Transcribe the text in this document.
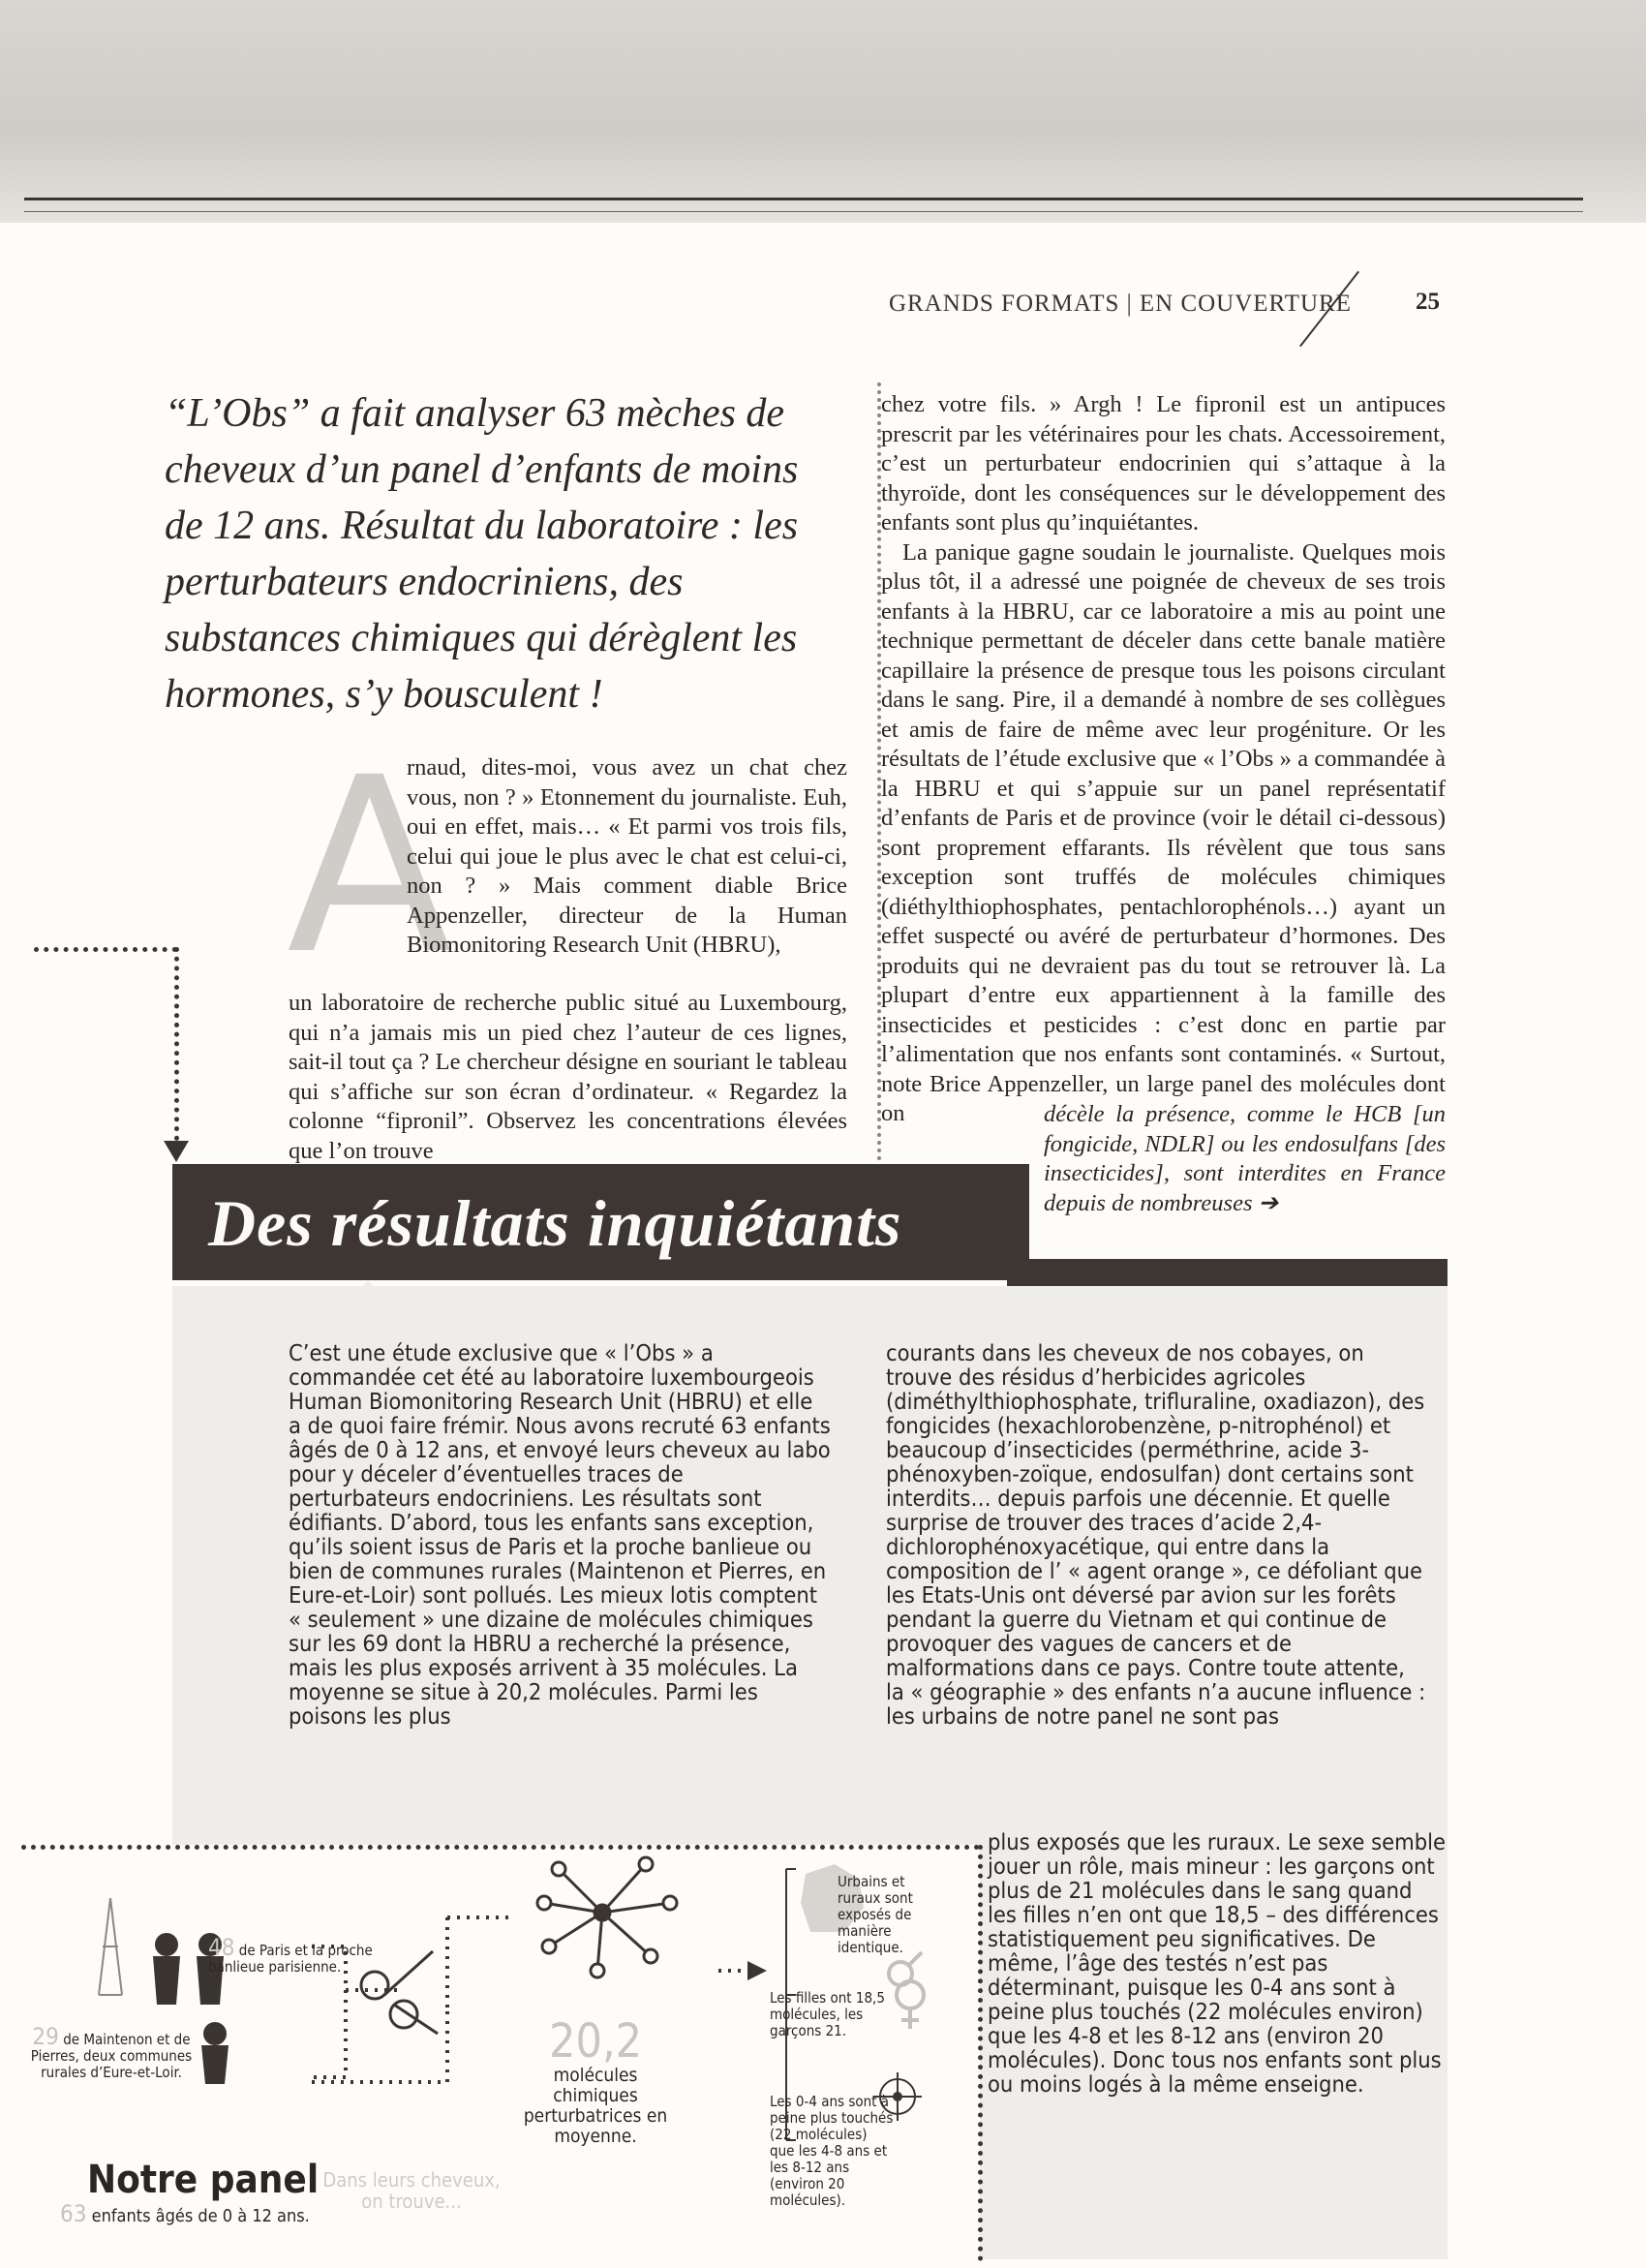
GRANDS FORMATS | EN COUVERTURE	25
“L’Obs” a fait analyser 63 mèches de cheveux d’un panel d’enfants de moins de 12 ans. Résultat du laboratoire : les perturbateurs endocriniens, des substances chimiques qui dérèglent les hormones, s’y bousculent !
A
rnaud, dites-moi, vous avez un chat chez vous, non ? » Etonnement du journaliste. Euh, oui en effet, mais… « Et parmi vos trois fils, celui qui joue le plus avec le chat est celui-ci, non ? » Mais comment diable Brice Appenzeller, directeur de la Human Biomonitoring Research Unit (HBRU),
un laboratoire de recherche public situé au Luxembourg, qui n’a jamais mis un pied chez l’auteur de ces lignes, sait-il tout ça ? Le chercheur désigne en souriant le tableau qui s’affiche sur son écran d’ordinateur. « Regardez la colonne “fipronil”. Observez les concentrations élevées que l’on trouve

chez votre fils. » Argh ! Le fipronil est un antipuces prescrit par les vétérinaires pour les chats. Accessoirement, c’est un perturbateur endocrinien qui s’attaque à la thyroïde, dont les conséquences sur le développement des enfants sont plus qu’inquiétantes.

La panique gagne soudain le journaliste. Quelques mois plus tôt, il a adressé une poignée de cheveux de ses trois enfants à la HBRU, car ce laboratoire a mis au point une technique permettant de déceler dans cette banale matière capillaire la présence de presque tous les poisons circulant dans le sang. Pire, il a demandé à nombre de ses collègues et amis de faire de même avec leur progéniture. Or les résultats de l’étude exclusive que « l’Obs » a commandée à la HBRU et qui s’appuie sur un panel représentatif d’enfants de Paris et de province (voir le détail ci-dessous) sont proprement effarants. Ils révèlent que tous sans exception sont truffés de molécules chimiques (diéthylthiophosphates, pentachlorophénols…) ayant un effet suspecté ou avéré de perturbateur d’hormones. Des produits qui ne devraient pas du tout se retrouver là. La plupart d’entre eux appartiennent à la famille des insecticides et pesticides : c’est donc en partie par l’alimentation que nos enfants sont contaminés. « Surtout, note Brice Appenzeller, un large panel des molécules dont on	décèle la présence, comme le HCB [un fongicide, NDLR] ou les endosulfans [des insecticides], sont interdites en France depuis de nombreuses ➔
Des résultats inquiétants
C’est une étude exclusive que « l’Obs » a commandée cet été au laboratoire luxembourgeois Human Biomonitoring Research Unit (HBRU) et elle a de quoi faire frémir. Nous avons recruté 63 enfants âgés de 0 à 12 ans, et envoyé leurs cheveux au labo pour y déceler d’éventuelles traces de perturbateurs endocriniens. Les résultats sont édifiants. D’abord, tous les enfants sans exception, qu’ils soient issus de Paris et la proche banlieue ou bien de communes rurales (Maintenon et Pierres, en Eure-et-Loir) sont pollués. Les mieux lotis comptent « seulement » une dizaine de molécules chimiques sur les 69 dont la HBRU a recherché la présence, mais les plus exposés arrivent à 35 molécules. La moyenne se situe à 20,2 molécules. Parmi les poisons les plus
courants dans les cheveux de nos cobayes, on trouve des résidus d’herbicides agricoles (diméthylthiophosphate, trifluraline, oxadiazon), des fongicides (hexachlorobenzène, p-nitrophénol) et beaucoup d’insecticides (perméthrine, acide 3-phénoxyben-zoïque, endosulfan) dont certains sont interdits… depuis parfois une décennie. Et quelle surprise de trouver des traces d’acide 2,4-dichlorophénoxyacétique, qui entre dans la composition de l’ « agent orange », ce défoliant que les Etats-Unis ont déversé par avion sur les forêts pendant la guerre du Vietnam et qui continue de provoquer des vagues de cancers et de malformations dans ce pays. Contre toute attente, la « géographie » des enfants n’a aucune influence : les urbains de notre panel ne sont pas
plus exposés que les ruraux. Le sexe semble jouer un rôle, mais mineur : les garçons ont plus de 21 molécules dans le sang quand les filles n’en ont que 18,5 – des différences statistiquement peu significatives. De même, l’âge des testés n’est pas déterminant, puisque les 0-4 ans sont à peine plus touchés (22 molécules environ) que les 4-8 et les 8-12 ans (environ 20 molécules). Donc tous nos enfants sont plus ou moins logés à la même enseigne.
48 de Paris et la proche banlieue parisienne.
29 de Maintenon et de Pierres, deux communes rurales d’Eure-et-Loir.
Notre panel
63 enfants âgés de 0 à 12 ans.
Dans leurs cheveux, on trouve...
20,2
molécules chimiques perturbatrices en moyenne.
Urbains et ruraux sont exposés de manière identique.
Les filles ont 18,5 molécules, les garçons 21.
Les 0-4 ans sont à peine plus touchés (22 molécules) que les 4-8 ans et les 8-12 ans (environ 20 molécules).
